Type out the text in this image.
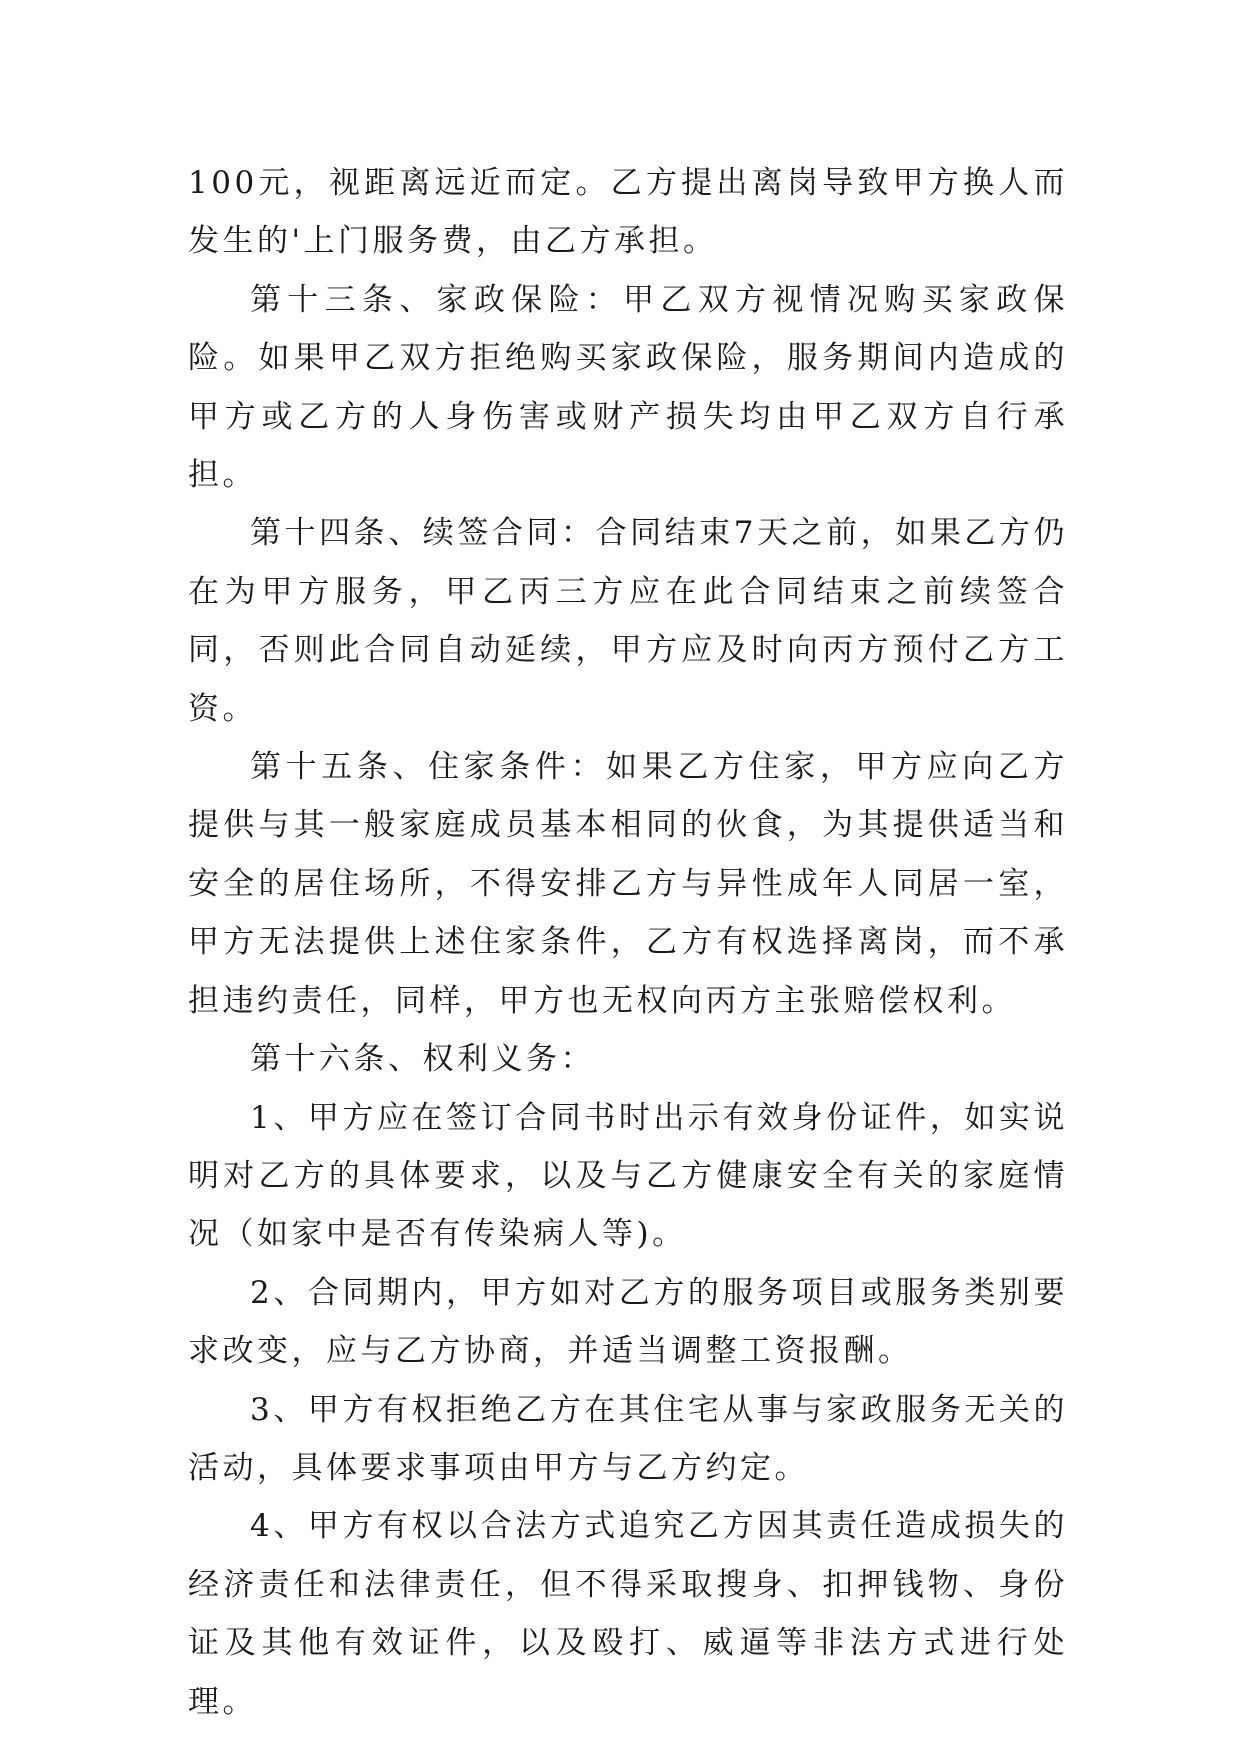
100元，视距离远近而定。乙方提出离岗导致甲方换人而发生的'上门服务费，由乙方承担。

第十三条、家政保险：甲乙双方视情况购买家政保险。如果甲乙双方拒绝购买家政保险，服务期间内造成的甲方或乙方的人身伤害或财产损失均由甲乙双方自行承担。

第十四条、续签合同：合同结束7天之前，如果乙方仍在为甲方服务，甲乙丙三方应在此合同结束之前续签合同，否则此合同自动延续，甲方应及时向丙方预付乙方工资。

第十五条、住家条件：如果乙方住家，甲方应向乙方提供与其一般家庭成员基本相同的伙食，为其提供适当和安全的居住场所，不得安排乙方与异性成年人同居一室，甲方无法提供上述住家条件，乙方有权选择离岗，而不承担违约责任，同样，甲方也无权向丙方主张赔偿权利。

第十六条、权利义务：

1、甲方应在签订合同书时出示有效身份证件，如实说明对乙方的具体要求，以及与乙方健康安全有关的家庭情况（如家中是否有传染病人等)。

2、合同期内，甲方如对乙方的服务项目或服务类别要求改变，应与乙方协商，并适当调整工资报酬。

3、甲方有权拒绝乙方在其住宅从事与家政服务无关的活动，具体要求事项由甲方与乙方约定。

4、甲方有权以合法方式追究乙方因其责任造成损失的经济责任和法律责任，但不得采取搜身、扣押钱物、身份证及其他有效证件，以及殴打、威逼等非法方式进行处理。
